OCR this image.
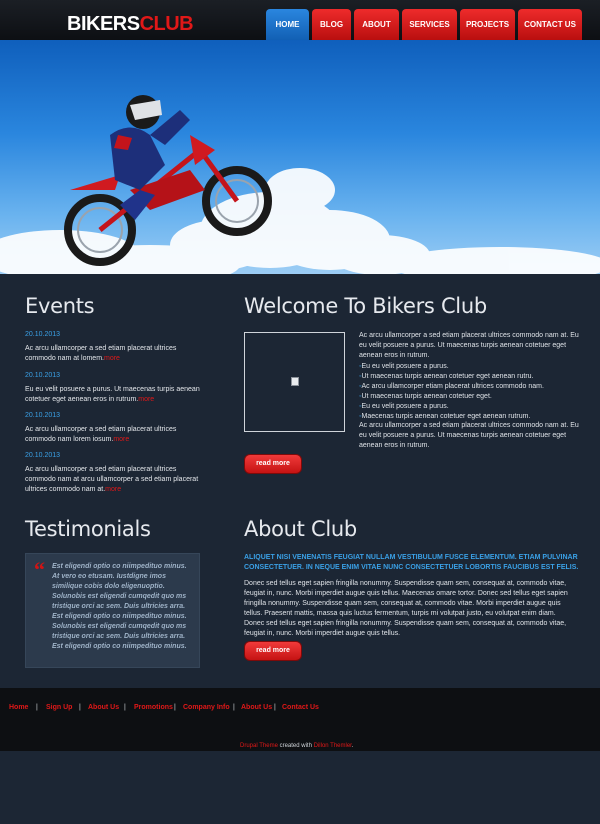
BIKERSCLUB	HOME	BLOG	ABOUT	SERVICES	PROJECTS	CONTACT US
Events
20.10.2013
Ac arcu ullamcorper a sed etiam placerat ultrices commodo nam at lomem.more
20.10.2013
Eu eu velit posuere a purus. Ut maecenas turpis aenean cotetuer eget aenean eros in rutrum.more
20.10.2013
Ac arcu ullamcorper a sed etiam placerat ultrices commodo nam lorem iosum.more
20.10.2013
Ac arcu ullamcorper a sed etiam placerat ultrices commodo nam at arcu ullamcorper a sed etiam placerat ultrices commodo nam at.more
Welcome To Bikers Club
Ac arcu ullamcorper a sed etiam placerat ultrices commodo nam at. Eu eu velit posuere a purus. Ut maecenas turpis aenean cotetuer eget aenean eros in rutrum.
◦Eu eu velit posuere a purus.
◦Ut maecenas turpis aenean cotetuer eget aenean rutru.
◦Ac arcu ullamcorper etiam placerat ultrices commodo nam.
◦Ut maecenas turpis aenean cotetuer eget.
◦Eu eu velit posuere a purus.
◦Maecenas turpis aenean cotetuer eget aenean rutrum.
Ac arcu ullamcorper a sed etiam placerat ultrices commodo nam at. Eu eu velit posuere a purus. Ut maecenas turpis aenean cotetuer eget aenean eros in rutrum.
read more
Testimonials
“ Est eligendi optio co niimpedituo minus. At vero eo etusam. Iustdigne imos similique cobis dolo eligenuoptio. Solunobis est eligendi cumqedit quo ms tristique orci ac sem. Duis ultricies arra. Est eligendi optio co niimpedituo minus. Solunobis est eligendi cumqedit quo ms tristique orci ac sem. Duis ultricies arra. Est eligendi optio co niimpedituo minus.
About Club
ALIQUET NISI VENENATIS FEUGIAT NULLAM VESTIBULUM FUSCE ELEMENTUM. ETIAM PULVINAR CONSECTETUER. IN NEQUE ENIM VITAE NUNC CONSECTETUER LOBORTIS FAUCIBUS EST FELIS.
Donec sed tellus eget sapien fringilla nonummy. Suspendisse quam sem, consequat at, commodo vitae, feugiat in, nunc. Morbi imperdiet augue quis tellus. Maecenas omare tortor. Donec sed tellus eget sapien fringilla nonummy. Suspendisse quam sem, consequat at, commodo vitae. Morbi imperdiet augue quis tellus. Praesent mattis, massa quis luctus fermentum, turpis mi volutpat justo, eu volutpat enim diam. Donec sed tellus eget sapien fringilla nonummy. Suspendisse quam sem, consequat at, commodo vitae, feugiat in, nunc. Morbi imperdiet augue quis tellus.
read more
Home | Sign Up | About Us | Promotions | Company Info | About Us | Contact Us
Drupal Theme created with Dillon Themler.
